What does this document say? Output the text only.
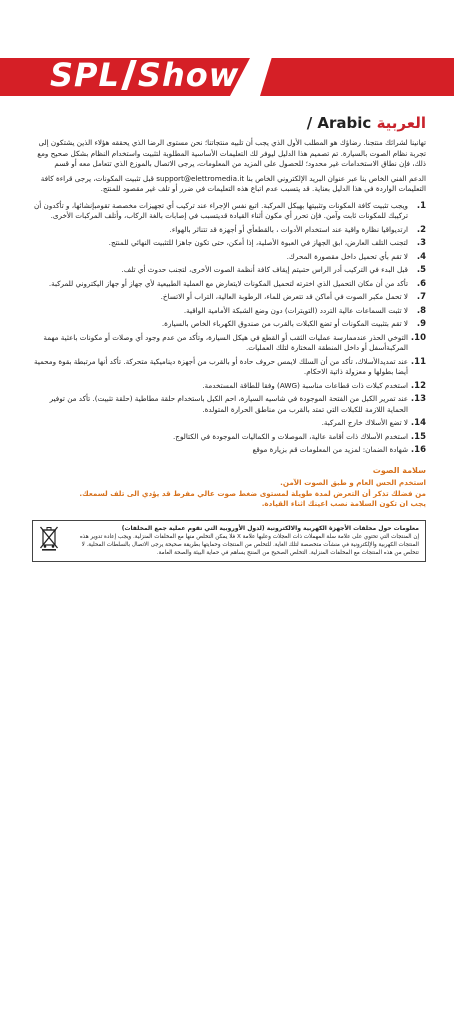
SPL Show
العربية Arabic /

تهانينا لشرائك منتجنا. رضاؤك هو المطلب الأول الذي يجب أن تلبيه منتجاتنا؛ نحن مستوى الرضا الذي يحققه هؤلاء الذين يشتكون إلى تجربة نظام الصوت بالسيارة. تم تصميم هذا الدليل ليوفر لك التعليمات الأساسية المطلوبة لتثبيت واستخدام النظام بشكل صحيح ومع ذلك، فإن نطاق الاستخدامات غير محدود؛ للحصول على المزيد من المعلومات، يرجى الاتصال بالموزع الذي تتعامل معه أو قسم

الدعم الفني الخاص بنا عبر عنوان البريد الإلكتروني الخاص بنا support@elettromedia.it قبل تثبيت المكونات، يرجى قراءة كافة التعليمات الواردة في هذا الدليل بعناية. قد يتسبب عدم اتباع هذه التعليمات في ضرر أو تلف غير مقصود للمنتج.

1.
ويجب تثبيت كافة المكونات وتثبيتها بهيكل المركبة. اتبع نفس الإجراء عند تركيب أي تجهيزات مخصصة تقومبإنشائها، و تأكدون أن تركيبك للمكونات ثابت وآمن. فإن تحرر أي مكون أثناء القيادة قديتسبب في إصابات بالغة الركاب، وأتلف المركبات الأخرى.
2.
ارتديواقيا نظارة واقية عند استخدام الأدوات ، بالقطعأي أو أجهزة قد تتناثر بالهواء.
3.
لتجنب التلف العارض، ابق الجهاز في العبوة الأصلية، إذا أمكن، حتى تكون جاهزا للتثبيت النهائي للمنتج.
4.
لا تقم بأي تحميل داخل مقصورة المحرك.
5.
قبل البدء في التركيب أدر الراس حتىيتم إيقاف كافة أنظمة الصوت الأخرى، لتجنب حدوث أي تلف.
6.
تأكد من أن مكان التحميل الذي اخترته لتحميل المكونات لايتعارض مع العملية الطبيعية لأي جهاز أو جهاز اليكتروني للمركبة.
7.
لا تحمل مكبر الصوت في أماكن قد تتعرض للماء، الرطوبة العالية، التراب أو الاتساخ.
8.
لا تثبت السماعات عالية التردد (التويترات) دون وضع الشبكة الأمامية الواقية.
9.
لا تقم بتثبيت المكونات أو تضع الكبلات بالقرب من صندوق الكهرباء الخاص بالسيارة.
10.
التوخي الحذر عندممارسة عمليات الثقب أو القطع في هيكل السيارة، وتأكد من عدم وجود أي وصلات أو مكونات باعثية مهمة المركبةأسفل أو داخل المنطقة المختارة لتلك العمليات.
11.
عند تمديدالأسلاك، تأكد من أن السلك لايمس حروف حادة أو بالقرب من أجهزة ديناميكية متحركة. تأكد أنها مرتبطة بقوة ومحمية أيضا بطولها و معزولة ذاتية الاحكام.
12.
استخدم كبلات ذات قطاعات مناسبة (AWG) وفقا للطاقة المستخدمة.
13.
عند تمرير الكبل من الفتحة الموجودة في شاسيه السيارة، احم الكبل باستخدام حلقة مطاطية (حلقة تثبيت). تأكد من توفير الحماية اللازمة للكبلات التي تمتد بالقرب من مناطق الحرارة المتولدة.
14.
لا تضع الأسلاك خارج المركبة.
15.
استخدم الأسلاك ذات أقامة عالية، الموصلات و الكماليات الموجودة في الكتالوج.
16.
شهادة الضمان: لمزيد من المعلومات قم بزيارة موقع
سلامة الصوت
استخدم الحس العام و طبق الصوت الآمن.
من فضلك تذكر أن التعرض لمدة طويلة لمستوى ضغط صوت عالي مفرط قد يؤدي الى تلف لسمعك.
يجب ان تكون السلامة نصب اعينك اثناء القيادة.
معلومات حول مخلفات الأجهزة الكهربية والالكترونية (لدول الأوروبية التي تقوم عملية جمع المخلفات)
إن المنتجات التي تحتوي على علامة سلة المهملات ذات العجلات وعليها علامة X فلا يمكن التخلص منها مع المخلفات المنزلية. ويجب إعادة تدوير هذه المنتجات الكهربية والإلكترونية في منشآت متخصصة لتلك الغاية. للتخلص من المنتجات وحمايتها بطريقة صحيحة يرجى الاتصال بالسلطات المحلية. لا تتخلص من هذه المنتجات مع المخلفات المنزلية. التخلص الصحيح من المنتج يساهم في حماية البيئة والصحة العامة.
